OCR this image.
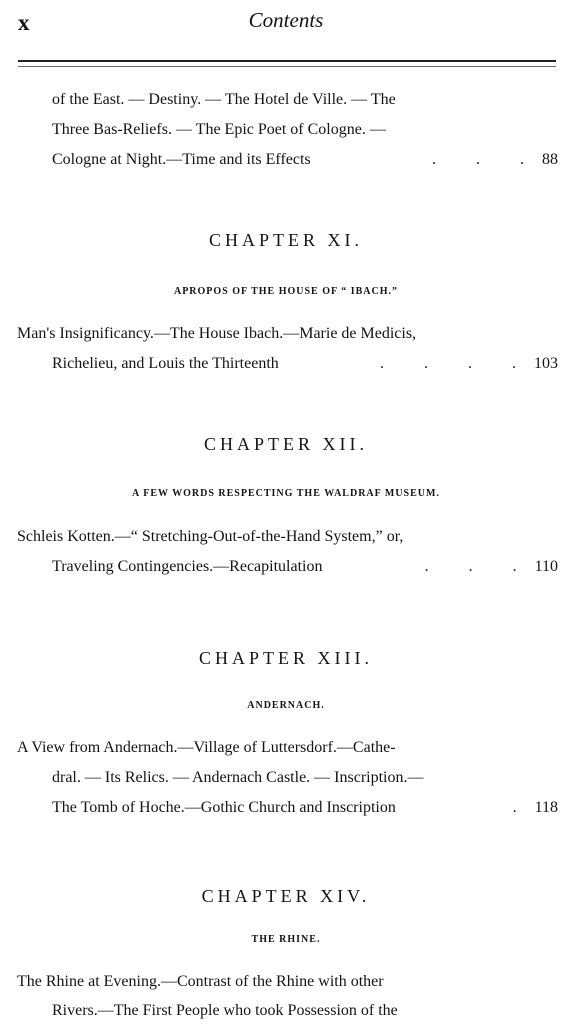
x	Contents
of the East. — Destiny. — The Hotel de Ville. — The
Three Bas-Reliefs. — The Epic Poet of Cologne. —
Cologne at Night.—Time and its Effects	. . .88
CHAPTER XI.
APROPOS OF THE HOUSE OF “ IBACH.”
Man's Insignificancy.—The House Ibach.—Marie de Medicis,
Richelieu, and Louis the Thirteenth	. . . .103
CHAPTER XII.
A FEW WORDS RESPECTING THE WALDRAF MUSEUM.
Schleis Kotten.—“ Stretching-Out-of-the-Hand System,” or,
Traveling Contingencies.—Recapitulation	. . .110
CHAPTER XIII.
ANDERNACH.
A View from Andernach.—Village of Luttersdorf.—Cathe-
dral. — Its Relics. — Andernach Castle. — Inscription.—
The Tomb of Hoche.—Gothic Church and Inscription	.118
CHAPTER XIV.
THE RHINE.
The Rhine at Evening.—Contrast of the Rhine with other
Rivers.—The First People who took Possession of the
